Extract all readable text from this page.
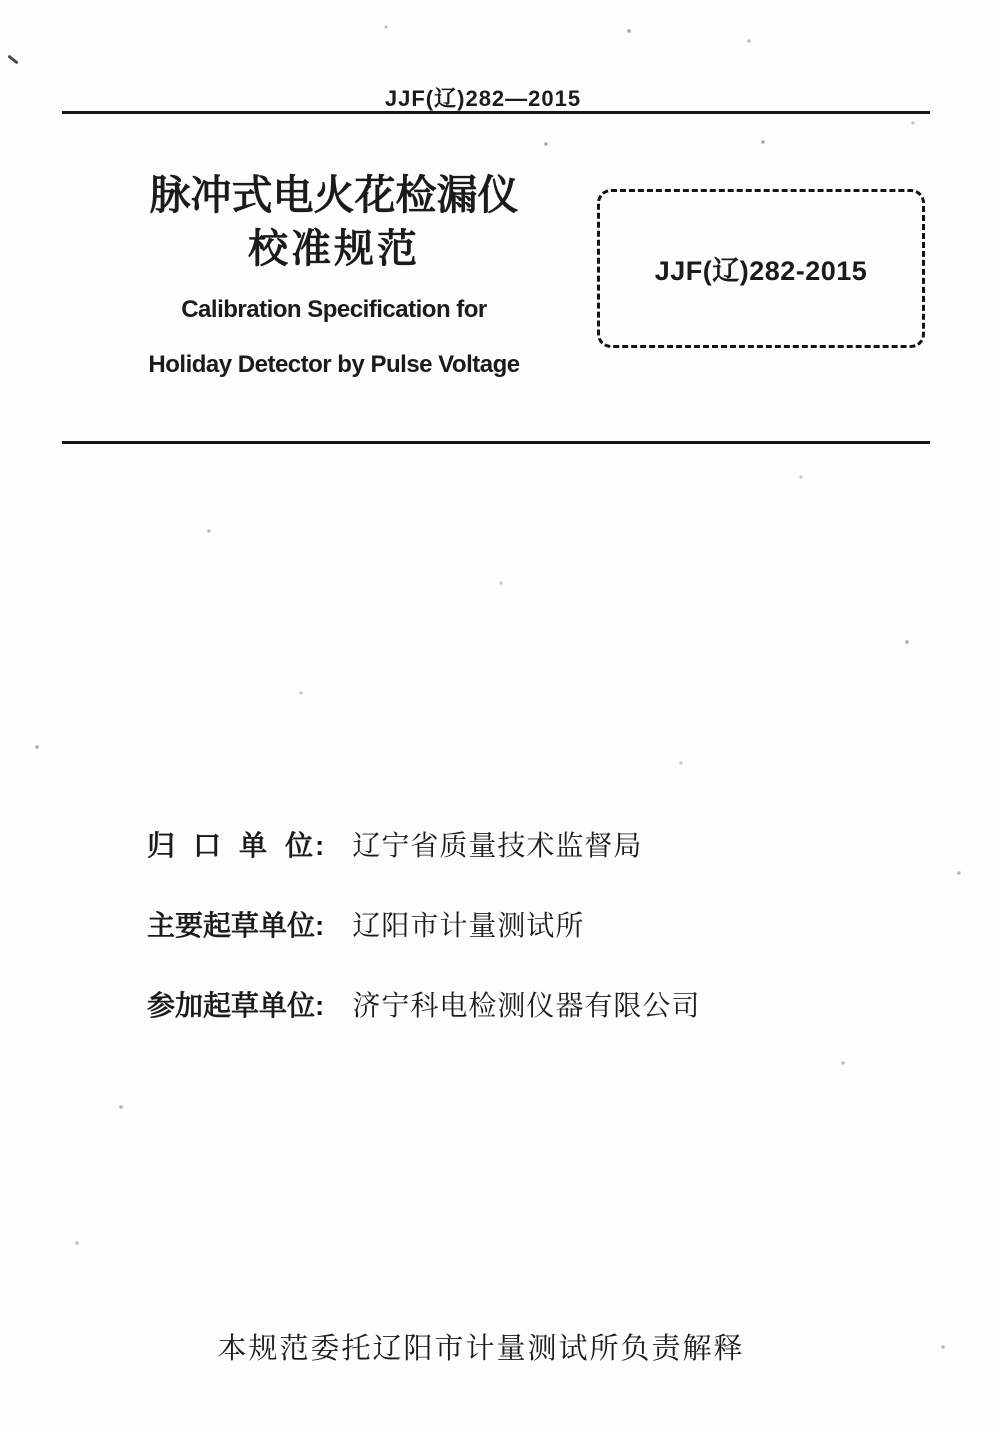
JJF(辽)282—2015
脉冲式电火花检漏仪
校准规范
Calibration Specification for
Holiday Detector by Pulse Voltage
JJF(辽)282-2015
归口单位 : 辽宁省质量技术监督局
主要起草单位 : 辽阳市计量测试所
参加起草单位 : 济宁科电检测仪器有限公司
本规范委托辽阳市计量测试所负责解释
